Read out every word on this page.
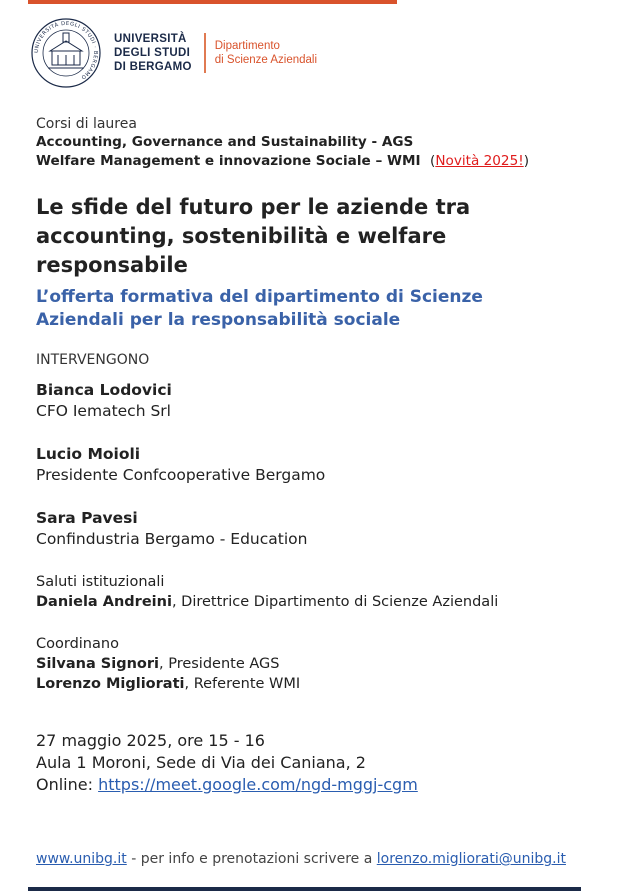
UNIVERSITÀ DEGLI STUDI · BERGAMO
UNIVERSITÀ
DEGLI STUDI
DI BERGAMO
Dipartimento
di Scienze Aziendali
Corsi di laurea
Accounting, Governance and Sustainability - AGS
Welfare Management e innovazione Sociale – WMI (Novità 2025!)
Le sfide del futuro per le aziende tra
accounting, sostenibilità e welfare
responsabile
L’offerta formativa del dipartimento di Scienze
Aziendali per la responsabilità sociale
INTERVENGONO
Bianca Lodovici
CFO Iematech Srl
Lucio Moioli
Presidente Confcooperative Bergamo
Sara Pavesi
Confindustria Bergamo - Education
Saluti istituzionali
Daniela Andreini, Direttrice Dipartimento di Scienze Aziendali
Coordinano
Silvana Signori, Presidente AGS
Lorenzo Migliorati, Referente WMI
27 maggio 2025, ore 15 - 16
Aula 1 Moroni, Sede di Via dei Caniana, 2
Online: https://meet.google.com/ngd-mggj-cgm
www.unibg.it - per info e prenotazioni scrivere a lorenzo.migliorati@unibg.it
